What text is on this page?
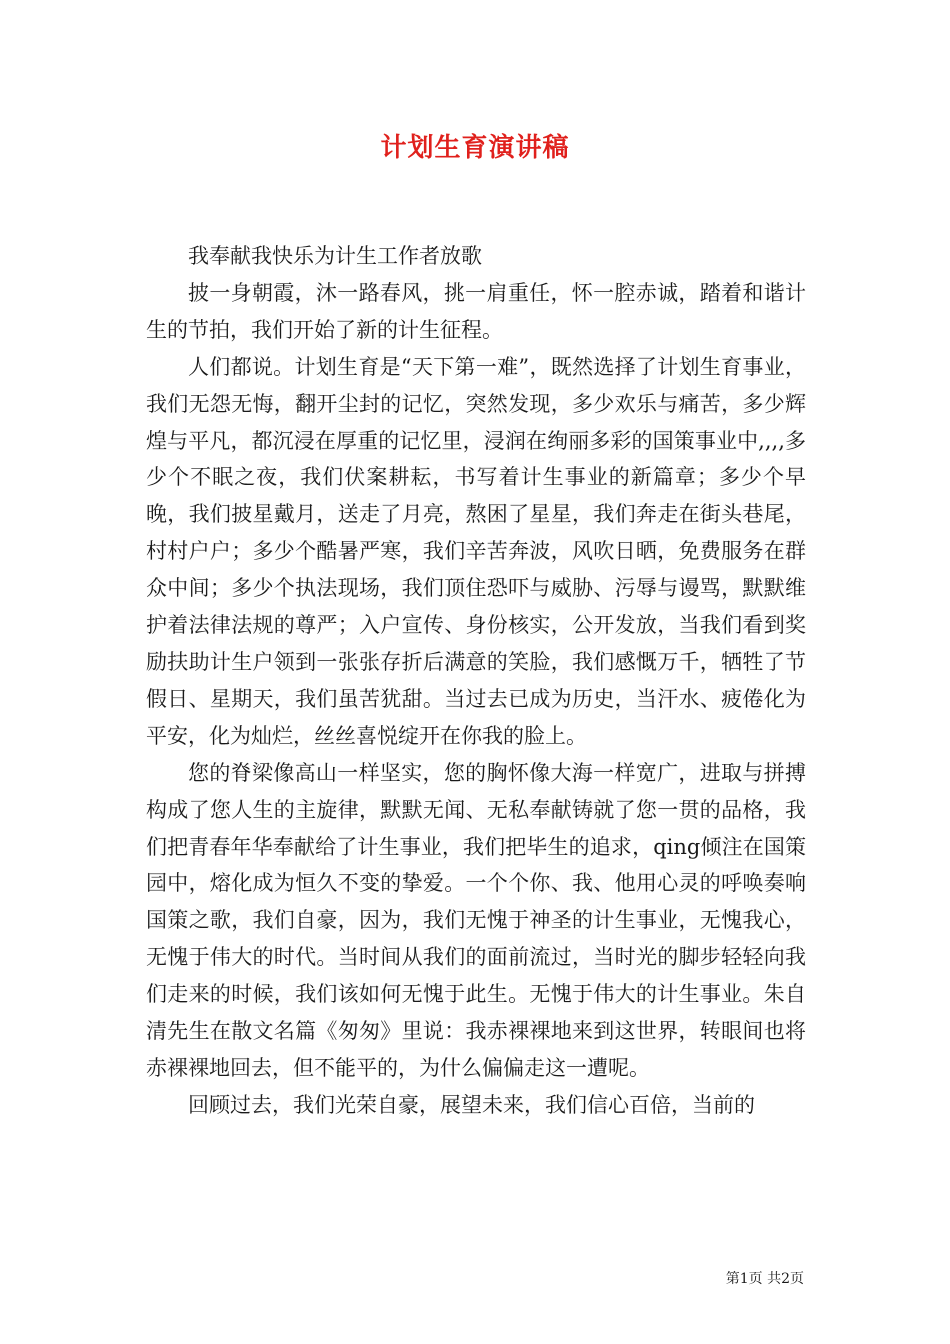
计划生育演讲稿

我奉献我快乐为计生工作者放歌

披一身朝霞，沐一路春风，挑一肩重任，怀一腔赤诚，踏着和谐计生的节拍，我们开始了新的计生征程。

人们都说。计划生育是“天下第一难”，既然选择了计划生育事业，我们无怨无悔，翻开尘封的记忆，突然发现，多少欢乐与痛苦，多少辉煌与平凡，都沉浸在厚重的记忆里，浸润在绚丽多彩的国策事业中,,,,多少个不眠之夜，我们伏案耕耘，书写着计生事业的新篇章；多少个早晚，我们披星戴月，送走了月亮，熬困了星星，我们奔走在街头巷尾，村村户户；多少个酷暑严寒，我们辛苦奔波，风吹日晒，免费服务在群众中间；多少个执法现场，我们顶住恐吓与威胁、污辱与谩骂，默默维护着法律法规的尊严；入户宣传、身份核实，公开发放，当我们看到奖励扶助计生户领到一张张存折后满意的笑脸，我们感慨万千，牺牲了节假日、星期天，我们虽苦犹甜。当过去已成为历史，当汗水、疲倦化为平安，化为灿烂，丝丝喜悦绽开在你我的脸上。

您的脊梁像高山一样坚实，您的胸怀像大海一样宽广，进取与拼搏构成了您人生的主旋律，默默无闻、无私奉献铸就了您一贯的品格，我们把青春年华奉献给了计生事业，我们把毕生的追求，qing倾注在国策园中，熔化成为恒久不变的挚爱。一个个你、我、他用心灵的呼唤奏响国策之歌，我们自豪，因为，我们无愧于神圣的计生事业，无愧我心，无愧于伟大的时代。当时间从我们的面前流过，当时光的脚步轻轻向我们走来的时候，我们该如何无愧于此生。无愧于伟大的计生事业。朱自清先生在散文名篇《匆匆》里说：我赤裸裸地来到这世界，转眼间也将赤裸裸地回去，但不能平的，为什么偏偏走这一遭呢。

回顾过去，我们光荣自豪，展望未来，我们信心百倍，当前的

第1页 共2页
